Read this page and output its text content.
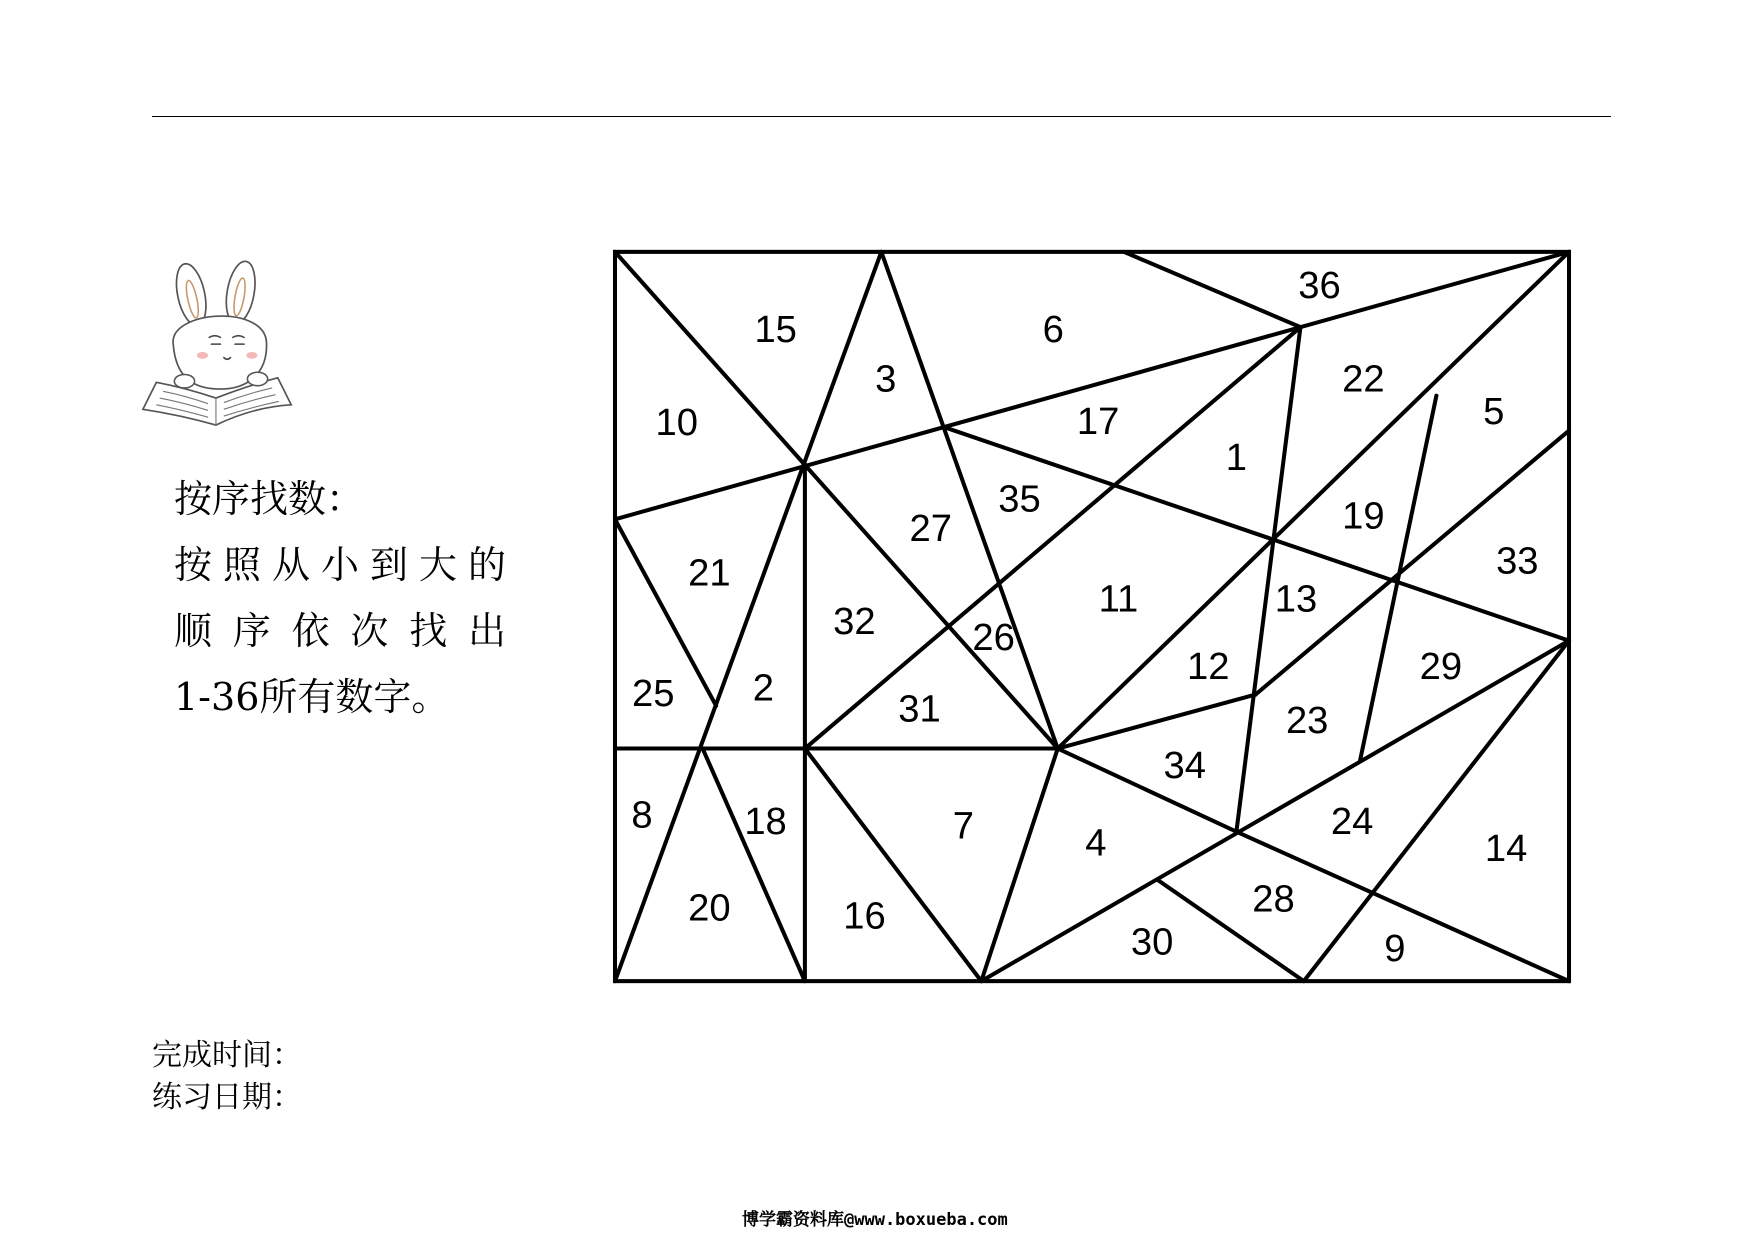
按序找数：
按照从小到大的
顺序依次找出
1-36所有数字。
15
3
6
36
22
5
10	17
1
35
27	19
21	33
11	13
32	26
12	29
25 2	31	23
34
8	18	7	4	24
14
20	16	28
30	9
完成时间：
练习日期：
博学霸资料库@www.boxueba.com
